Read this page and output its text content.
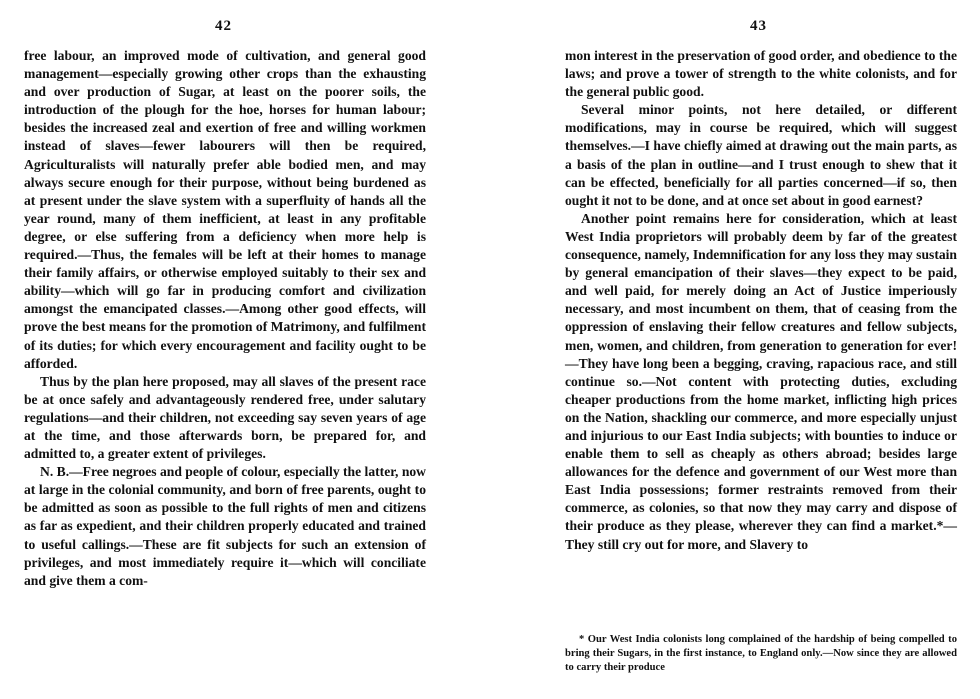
42

free labour, an improved mode of cultivation, and general good management—especially growing other crops than the exhausting and over production of Sugar, at least on the poorer soils, the introduction of the plough for the hoe, horses for human labour; besides the increased zeal and exertion of free and willing workmen instead of slaves—fewer labourers will then be required, Agriculturalists will naturally prefer able bodied men, and may always secure enough for their purpose, without being burdened as at present under the slave system with a superfluity of hands all the year round, many of them inefficient, at least in any profitable degree, or else suffering from a deficiency when more help is required.—Thus, the females will be left at their homes to manage their family affairs, or otherwise employed suitably to their sex and ability—which will go far in producing comfort and civilization amongst the emancipated classes.—Among other good effects, will prove the best means for the promotion of Matrimony, and fulfilment of its duties; for which every encouragement and facility ought to be afforded.

Thus by the plan here proposed, may all slaves of the present race be at once safely and advantageously rendered free, under salutary regulations—and their children, not exceeding say seven years of age at the time, and those afterwards born, be prepared for, and admitted to, a greater extent of privileges.

N. B.—Free negroes and people of colour, especially the latter, now at large in the colonial community, and born of free parents, ought to be admitted as soon as possible to the full rights of men and citizens as far as expedient, and their children properly educated and trained to useful callings.—These are fit subjects for such an extension of privileges, and most immediately require it—which will conciliate and give them a com-

43

mon interest in the preservation of good order, and obedience to the laws; and prove a tower of strength to the white colonists, and for the general public good.

Several minor points, not here detailed, or different modifications, may in course be required, which will suggest themselves.—I have chiefly aimed at drawing out the main parts, as a basis of the plan in outline—and I trust enough to shew that it can be effected, beneficially for all parties concerned—if so, then ought it not to be done, and at once set about in good earnest?

Another point remains here for consideration, which at least West India proprietors will probably deem by far of the greatest consequence, namely, Indemnification for any loss they may sustain by general emancipation of their slaves—they expect to be paid, and well paid, for merely doing an Act of Justice imperiously necessary, and most incumbent on them, that of ceasing from the oppression of enslaving their fellow creatures and fellow subjects, men, women, and children, from generation to generation for ever!—They have long been a begging, craving, rapacious race, and still continue so.—Not content with protecting duties, excluding cheaper productions from the home market, inflicting high prices on the Nation, shackling our commerce, and more especially unjust and injurious to our East India subjects; with bounties to induce or enable them to sell as cheaply as others abroad; besides large allowances for the defence and government of our West more than East India possessions; former restraints removed from their commerce, as colonies, so that now they may carry and dispose of their produce as they please, wherever they can find a market.*—They still cry out for more, and Slavery to

* Our West India colonists long complained of the hardship of being compelled to bring their Sugars, in the first instance, to England only.—Now since they are allowed to carry their produce
